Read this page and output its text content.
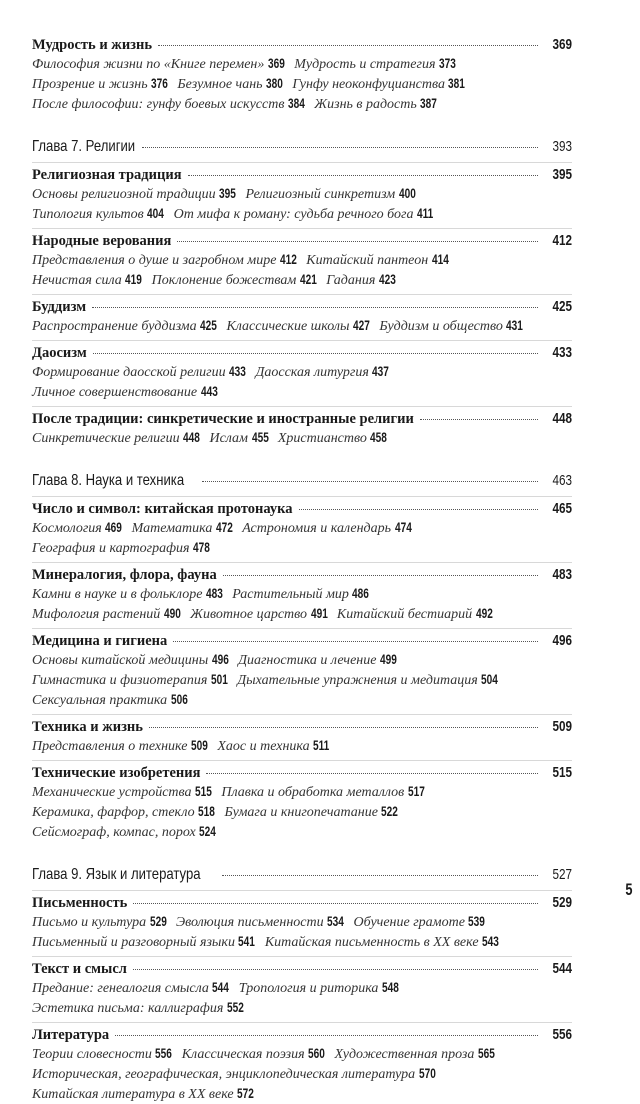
Мудрость и жизнь	369
Философия жизни по «Книге перемен» 369 Мудрость и стратегия 373
Прозрение и жизнь 376 Безумное чань 380 Гунфу неоконфуцианства 381
После философии: гунфу боевых искусств 384 Жизнь в радость 387
Глава 7. Религии	393
Религиозная традиция	395
Основы религиозной традиции 395 Религиозный синкретизм 400
Типология культов 404 От мифа к роману: судьба речного бога 411
Народные верования	412
Представления о душе и загробном мире 412 Китайский пантеон 414
Нечистая сила 419 Поклонение божествам 421 Гадания 423
Буддизм	425
Распространение буддизма 425 Классические школы 427 Буддизм и общество 431
Даосизм	433
Формирование даосской религии 433 Даосская литургия 437
Личное совершенствование 443
После традиции: синкретические и иностранные религии	448
Синкретические религии 448 Ислам 455 Христианство 458
Глава 8. Наука и техника	463
Число и символ: китайская протонаука	465
Космология 469 Математика 472 Астрономия и календарь 474
География и картография 478
Минералогия, флора, фауна	483
Камни в науке и в фольклоре 483 Растительный мир 486
Мифология растений 490 Животное царство 491 Китайский бестиарий 492
Медицина и гигиена	496
Основы китайской медицины 496 Диагностика и лечение 499
Гимнастика и физиотерапия 501 Дыхательные упражнения и медитация 504
Сексуальная практика 506
Техника и жизнь	509
Представления о технике 509 Хаос и техника 511
Технические изобретения	515
Механические устройства 515 Плавка и обработка металлов 517
Керамика, фарфор, стекло 518 Бумага и книгопечатание 522
Сейсмограф, компас, порох 524
Глава 9. Язык и литература	527
Письменность	529
Письмо и культура 529 Эволюция письменности 534 Обучение грамоте 539
Письменный и разговорный языки 541 Китайская письменность в XX веке 543
Текст и смысл	544
Предание: генеалогия смысла 544 Тропология и риторика 548
Эстетика письма: каллиграфия 552
Литература	556
Теории словесности 556 Классическая поэзия 560 Художественная проза 565
Историческая, географическая, энциклопедическая литература 570
Китайская литература в XX веке 572
5
